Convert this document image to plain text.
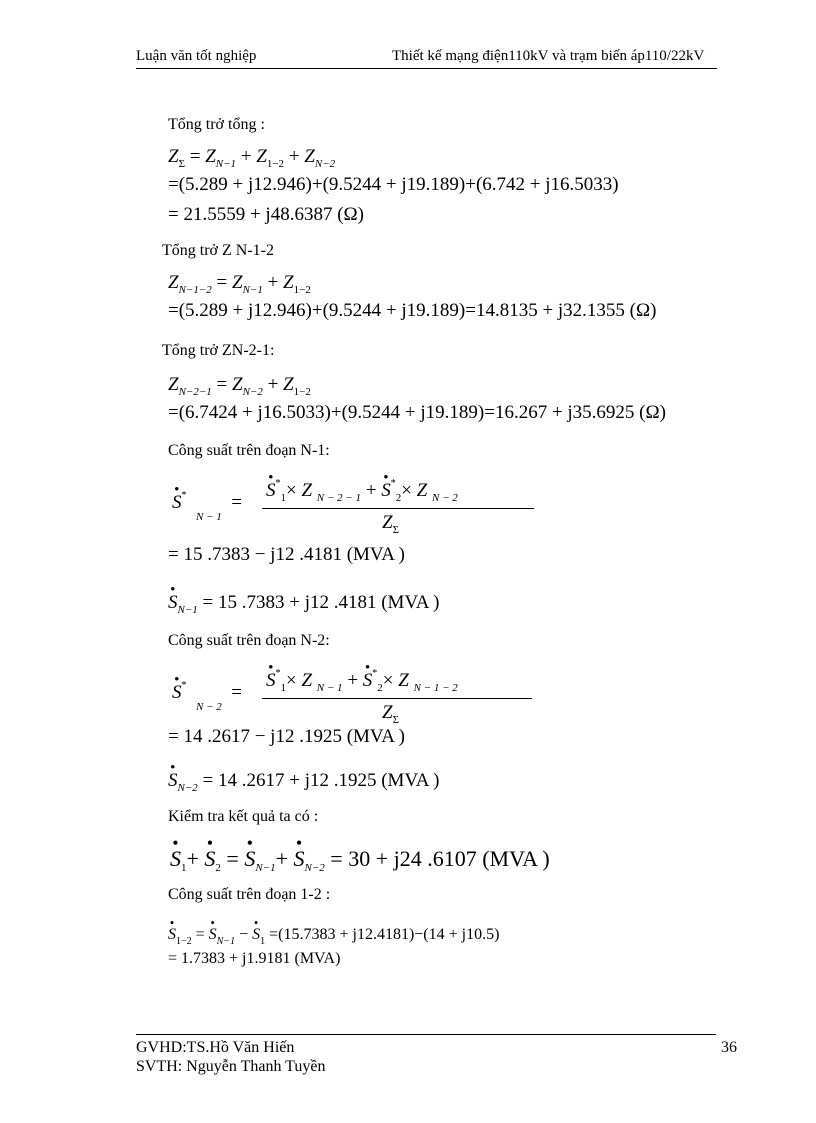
Luận văn tốt nghiệp	Thiết kế mạng điện110kV và trạm biến áp110/22kV
Tổng trở tổng :
$Z_\Sigma = Z_{N-1} + Z_{1-2} + Z_{N-2}$
=(5.289 + j12.946)+(9.5244 + j19.189)+(6.742 + j16.5033)
= 21.5559 + j48.6387 (Ω)
Tổng trở Z N-1-2
$Z_{N-1-2} = Z_{N-1} + Z_{1-2}$
=(5.289 + j12.946)+(9.5244 + j19.189)=14.8135 + j32.1355 (Ω)
Tổng trở ZN-2-1:
$Z_{N-2-1} = Z_{N-2} + Z_{1-2}$
=(6.7424 + j16.5033)+(9.5244 + j19.189)=16.267 + j35.6925 (Ω)
Công suất trên đoạn N-1:
• S*  $_{N - 1}$  =
• $S^*_1\times Z$ $_{N - 2 - 1}$ + • $S^*_2\times Z$ $_{N - 2}$
$Z_\Sigma$
= 15 .7383 − j12 .4181 (MVA )
• $S_{N-1} = 15$ .7383 + j12 .4181 (MVA )
Công suất trên đoạn N-2:
• S*  $_{N - 2}$  =
• $S^*_1\times Z$ $_{N - 1}$ + • $S^*_2\times Z$ $_{N - 1 - 2}$
$Z_\Sigma$
= 14 .2617 − j12 .1925 (MVA )
• $S_{N-2} = 14$ .2617 + j12 .1925 (MVA )
Kiểm tra kết quả ta có :
• $S_1+$ • $S_2$ = • $S_{N-1}+$ • $S_{N-2} = 30 + j24$ .6107 (MVA )
Công suất trên đoạn 1-2 :
• $S_{1-2}$ = • $S_{N-1}$ − • $S_1 =(15.7383 + j12.4181)-(14 + j10.5)$
= 1.7383 + j1.9181 (MVA)
GVHD:TS.Hồ Văn Hiến
SVTH: Nguyễn Thanh Tuyền
36
